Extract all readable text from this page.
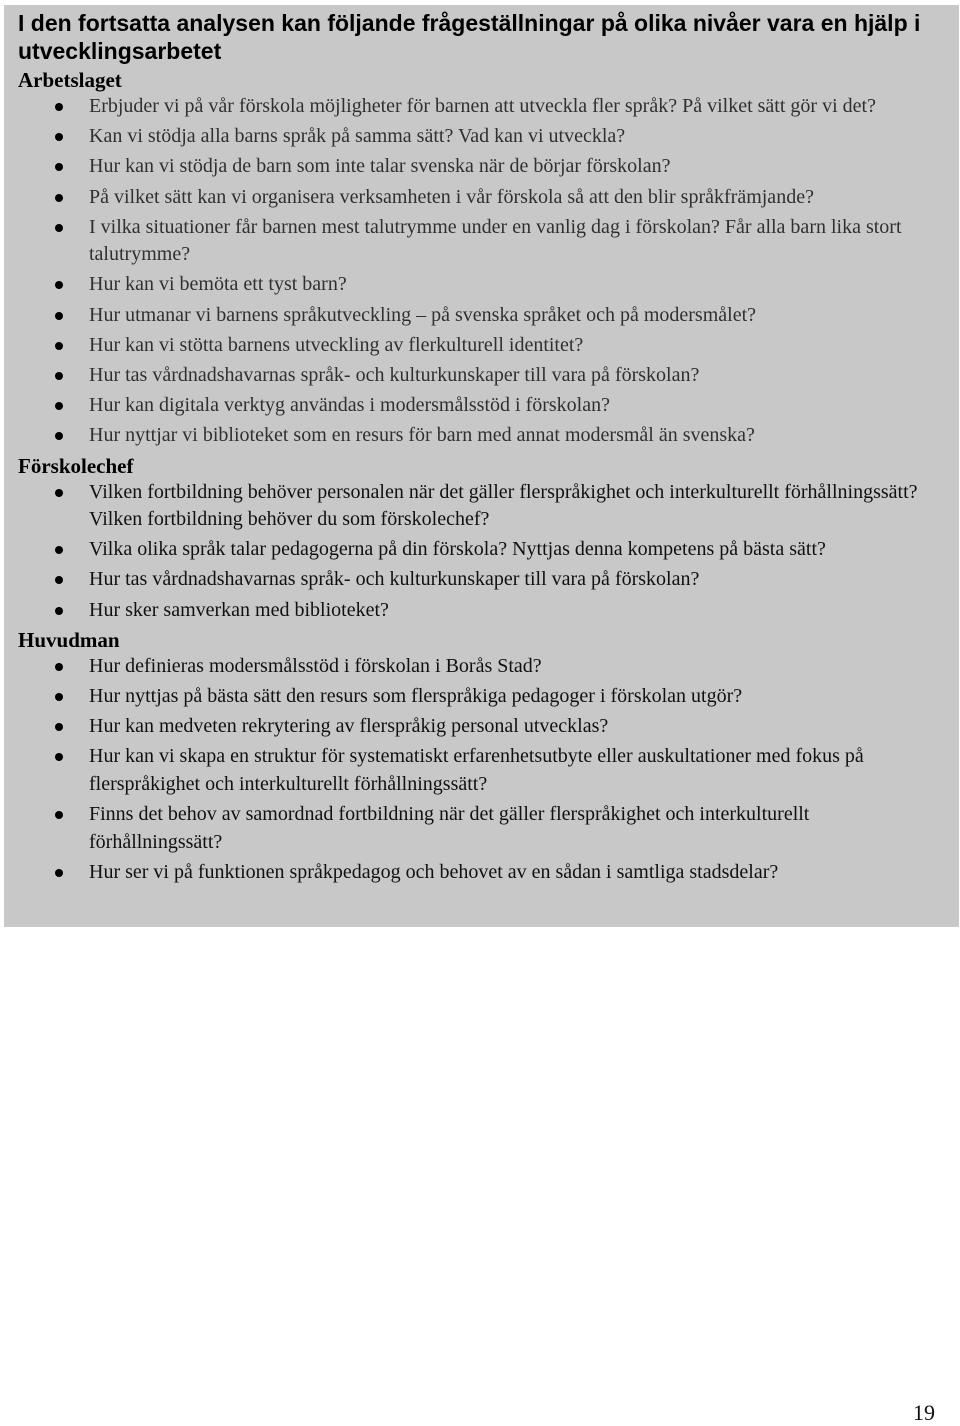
I den fortsatta analysen kan följande frågeställningar på olika nivåer vara en hjälp i utvecklingsarbetet
Arbetslaget
Erbjuder vi på vår förskola möjligheter för barnen att utveckla fler språk? På vilket sätt gör vi det?
Kan vi stödja alla barns språk på samma sätt? Vad kan vi utveckla?
Hur kan vi stödja de barn som inte talar svenska när de börjar förskolan?
På vilket sätt kan vi organisera verksamheten i vår förskola så att den blir språkfrämjande?
I vilka situationer får barnen mest talutrymme under en vanlig dag i förskolan? Får alla barn lika stort talutrymme?
Hur kan vi bemöta ett tyst barn?
Hur utmanar vi barnens språkutveckling – på svenska språket och på modersmålet?
Hur kan vi stötta barnens utveckling av flerkulturell identitet?
Hur tas vårdnadshavarnas språk- och kulturkunskaper till vara på förskolan?
Hur kan digitala verktyg användas i modersmålsstöd i förskolan?
Hur nyttjar vi biblioteket som en resurs för barn med annat modersmål än svenska?
Förskolechef
Vilken fortbildning behöver personalen när det gäller flerspråkighet och interkulturellt förhållningssätt? Vilken fortbildning behöver du som förskolechef?
Vilka olika språk talar pedagogerna på din förskola? Nyttjas denna kompetens på bästa sätt?
Hur tas vårdnadshavarnas språk- och kulturkunskaper till vara på förskolan?
Hur sker samverkan med biblioteket?
Huvudman
Hur definieras modersmålsstöd i förskolan i Borås Stad?
Hur nyttjas på bästa sätt den resurs som flerspråkiga pedagoger i förskolan utgör?
Hur kan medveten rekrytering av flerspråkig personal utvecklas?
Hur kan vi skapa en struktur för systematiskt erfarenhetsutbyte eller auskultationer med fokus på flerspråkighet och interkulturellt förhållningssätt?
Finns det behov av samordnad fortbildning när det gäller flerspråkighet och interkulturellt förhållningssätt?
Hur ser vi på funktionen språkpedagog och behovet av en sådan i samtliga stadsdelar?
19
